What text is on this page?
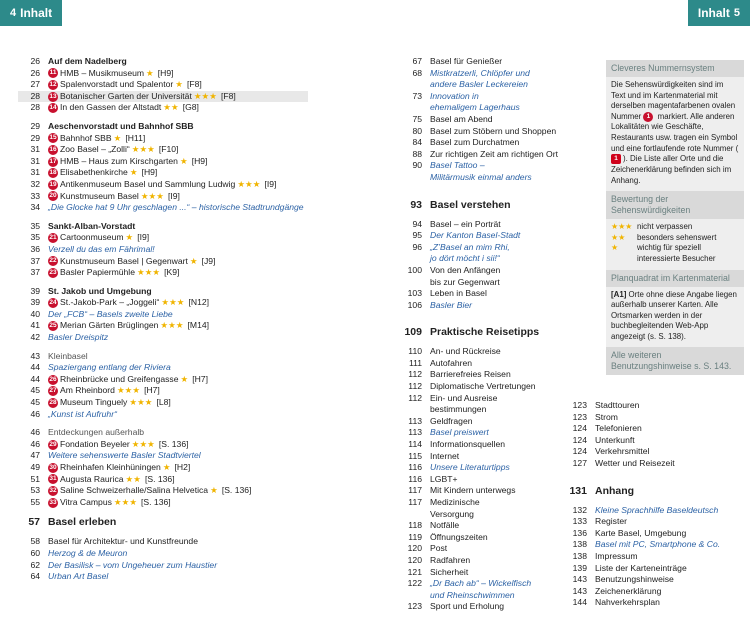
4 Inhalt	Inhalt 5
26 Auf dem Nadelberg
26 11 HMB – Musikmuseum ★ [H9]
27 12 Spalenvorstadt und Spalentor ★ [F8]
28 13 Botanischer Garten der Universität ★★★ [F8]
28 14 In den Gassen der Altstadt ★★ [G8]
29 Aeschenvorstadt und Bahnhof SBB
29 15 Bahnhof SBB ★ [H11]
31 16 Zoo Basel – „Zolli“ ★★★ [F10]
31 17 HMB – Haus zum Kirschgarten ★ [H9]
31 18 Elisabethenkirche ★ [H9]
32 19 Antikenmuseum Basel und Sammlung Ludwig ★★★ [I9]
33 20 Kunstmuseum Basel ★★★ [I9]
34 „Die Glocke hat 9 Uhr geschlagen ...“ – historische Stadtrundgänge
35 Sankt-Alban-Vorstadt
35 21 Cartoonmuseum ★ [I9]
36 Verzell du das em Fährimal!
37 22 Kunstmuseum Basel | Gegenwart ★ [J9]
37 23 Basler Papiermühle ★★★ [K9]
39 St. Jakob und Umgebung
39 24 St.-Jakob-Park – „Joggeli“ ★★★ [N12]
40 Der „FCB“ – Basels zweite Liebe
41 25 Merian Gärten Brüglingen ★★★ [M14]
42 Basler Dreispitz
43 Kleinbasel
44 Spaziergang entlang der Riviera
44 26 Rheinbrücke und Greifengasse ★ [H7]
45 27 Am Rheinbord ★★★ [H7]
45 28 Museum Tinguely ★★★ [L8]
46 „Kunst ist Aufruhr“
46 Entdeckungen außerhalb
46 29 Fondation Beyeler ★★★ [S. 136]
47 Weitere sehenswerte Basler Stadtviertel
49 30 Rheinhafen Kleinhüningen ★ [H2]
51 31 Augusta Raurica ★★ [S. 136]
53 32 Saline Schweizerhalle/Salina Helvetica ★ [S. 136]
55 33 Vitra Campus ★★★ [S. 136]
57 Basel erleben
58 Basel für Architektur- und Kunstfreunde
60 Herzog & de Meuron
62 Der Basilisk – vom Ungeheuer zum Haustier
64 Urban Art Basel
67 Basel für Genießer
68 Mistkratzerli, Chlöpfer und
andere Basler Leckereien
73 Innovation in
ehemaligem Lagerhaus
75 Basel am Abend
80 Basel zum Stöbern und Shoppen
84 Basel zum Durchatmen
88 Zur richtigen Zeit am richtigen Ort
90 Basel Tattoo –
Militärmusik einmal anders
93 Basel verstehen
94 Basel – ein Porträt
95 Der Kanton Basel-Stadt
96 „Z’Basel an mim Rhi,
jo dört möcht i sii!“
100 Von den Anfängen
bis zur Gegenwart
103 Leben in Basel
106 Basler Bier
109 Praktische Reisetipps
110 An- und Rückreise
111 Autofahren
112 Barrierefreies Reisen
112 Diplomatische Vertretungen
112 Ein- und Ausreise
bestimmungen
113 Geldfragen
113 Basel preiswert
114 Informationsquellen
115 Internet
116 Unsere Literaturtipps
116 LGBT+
117 Mit Kindern unterwegs
117 Medizinische
Versorgung
118 Notfälle
119 Öffnungszeiten
120 Post
120 Radfahren
121 Sicherheit
122 „Dr Bach ab“ – Wickelfisch
und Rheinschwimmen
123 Sport und Erholung
123 Stadttouren
123 Strom
124 Telefonieren
124 Unterkunft
124 Verkehrsmittel
127 Wetter und Reisezeit
131 Anhang
132 Kleine Sprachhilfe Baseldeutsch
133 Register
136 Karte Basel, Umgebung
138 Basel mit PC, Smartphone & Co.
138 Impressum
139 Liste der Karteneinträge
143 Benutzungshinweise
143 Zeichenerklärung
144 Nahverkehrsplan
Cleveres Nummernsystem
Die Sehenswürdigkeiten sind im Text und im Kartenmaterial mit derselben magentafarbenen ovalen Nummer 1 markiert. Alle anderen Lokalitäten wie Geschäfte, Restaurants usw. tragen ein Symbol und eine fortlaufende rote Nummer (1 ). Die Liste aller Orte und die Zeichenerklärung befinden sich im Anhang.
Bewertung der Sehenswürdigkeiten
★★★ nicht verpassen
★★	besonders sehenswert
★	wichtig für speziell interessierte Besucher
Planquadrat im Kartenmaterial
[A1] Orte ohne diese Angabe liegen außerhalb unserer Karten. Alle Ortsmarken werden in der buchbegleitenden Web-App angezeigt (s. S. 138).
Alle weiteren Benutzungshinweise s. S. 143.
